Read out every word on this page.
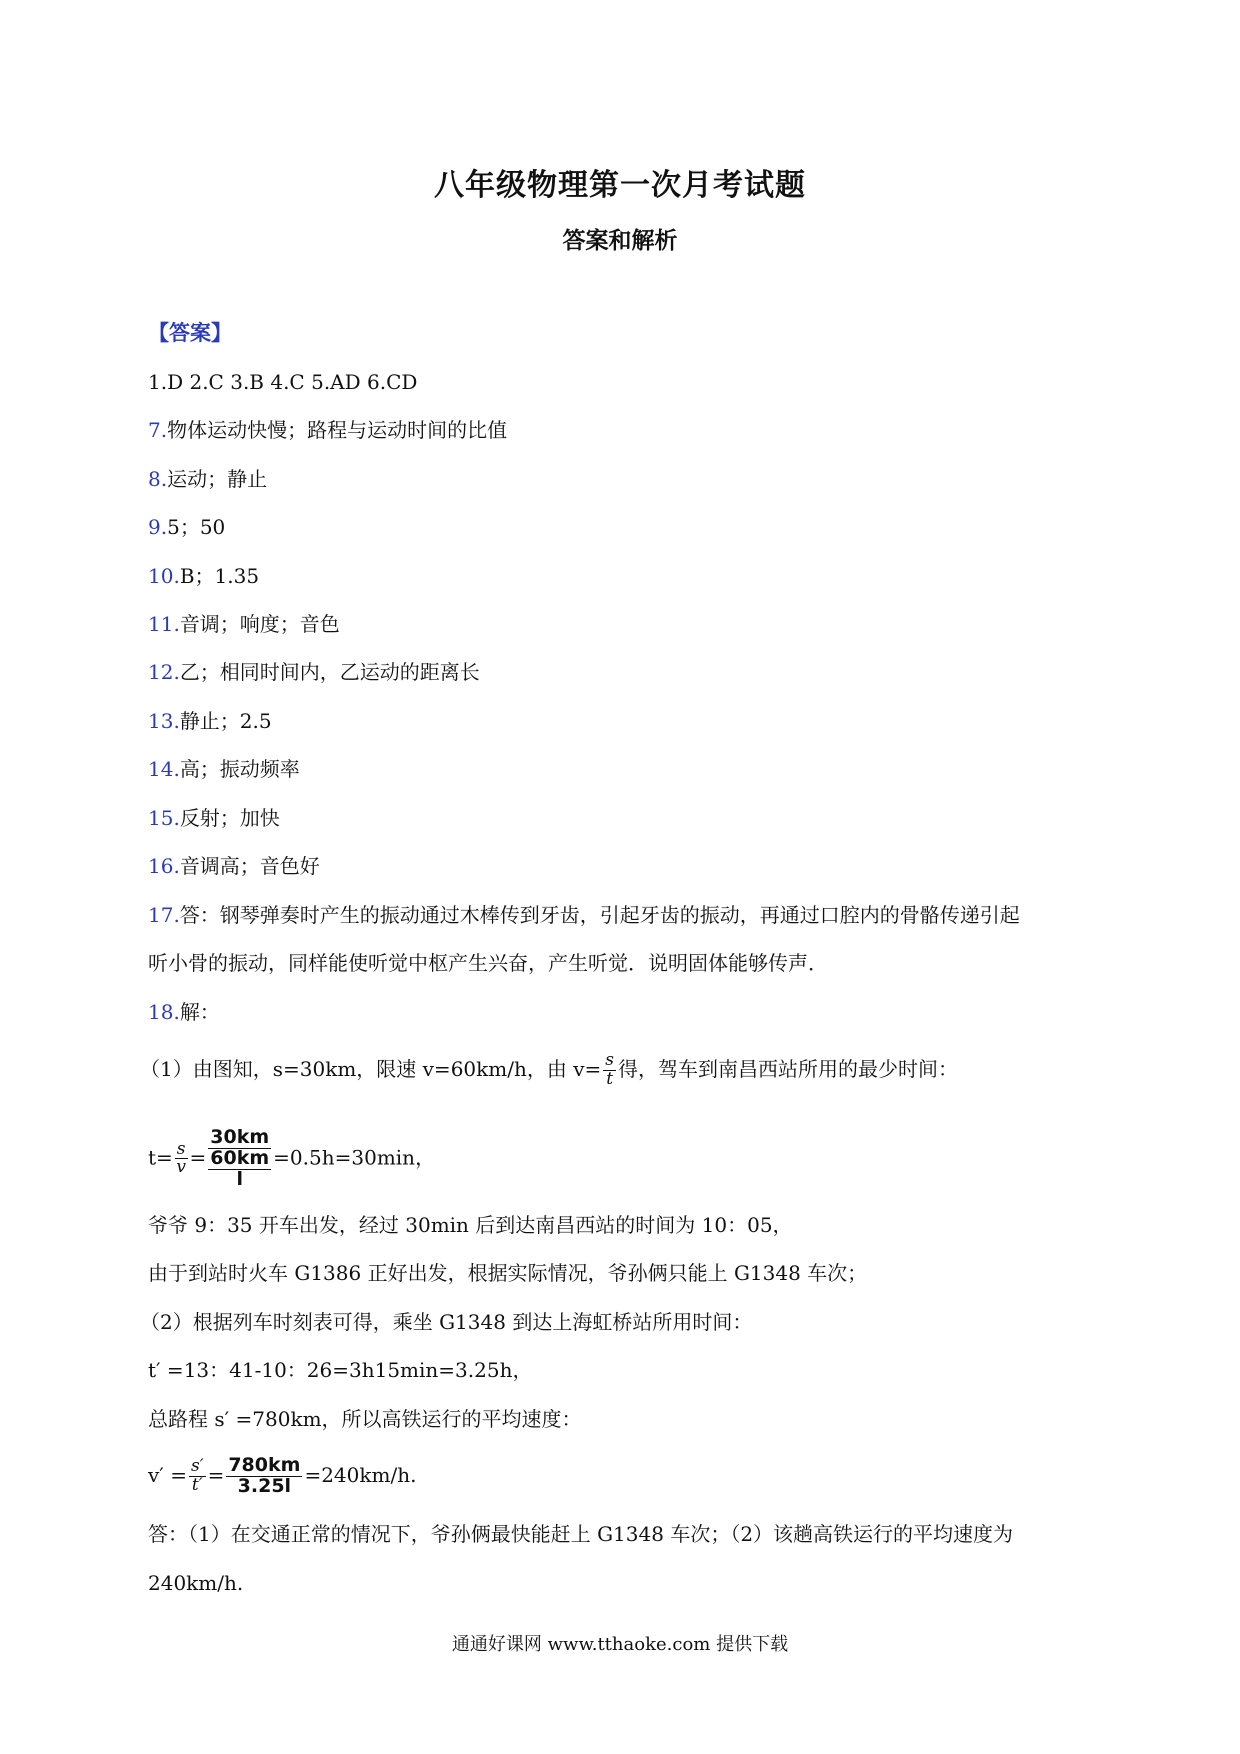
八年级物理第一次月考试题
答案和解析
【答案】
1.D 2.C 3.B 4.C 5.AD 6.CD
7.物体运动快慢；路程与运动时间的比值
8.运动；静止
9.5；50
10.B；1.35
11.音调；响度；音色
12.乙；相同时间内，乙运动的距离长
13.静止；2.5
14.高；振动频率
15.反射；加快
16.音调高；音色好
17.答：钢琴弹奏时产生的振动通过木棒传到牙齿，引起牙齿的振动，再通过口腔内的骨骼传递引起
听小骨的振动，同样能使听觉中枢产生兴奋，产生听觉．说明固体能够传声．
18.解：
（1）由图知，s=30km，限速 v=60km/h，由 $v= \frac{s}{t}$ 得，驾车到南昌西站所用的最少时间：
$t= \frac{s}{v}$ =
30km
60km
l
=0.5h=30min，
爷爷 9：35 开车出发，经过 30min 后到达南昌西站的时间为 10：05，
由于到站时火车 G1386 正好出发，根据实际情况，爷孙俩只能上 G1348 车次；
（2）根据列车时刻表可得，乘坐 G1348 到达上海虹桥站所用时间：
t′ =13：41-10：26=3h15min=3.25h，
总路程 s′ =780km，所以高铁运行的平均速度：
$v' = \frac{s'}{t'} = \frac{780km}{3.25l} =240km/h$.
答：（1）在交通正常的情况下，爷孙俩最快能赶上 G1348 车次；（2）该趟高铁运行的平均速度为
240km/h.
通通好课网 www.tthaoke.com 提供下载
